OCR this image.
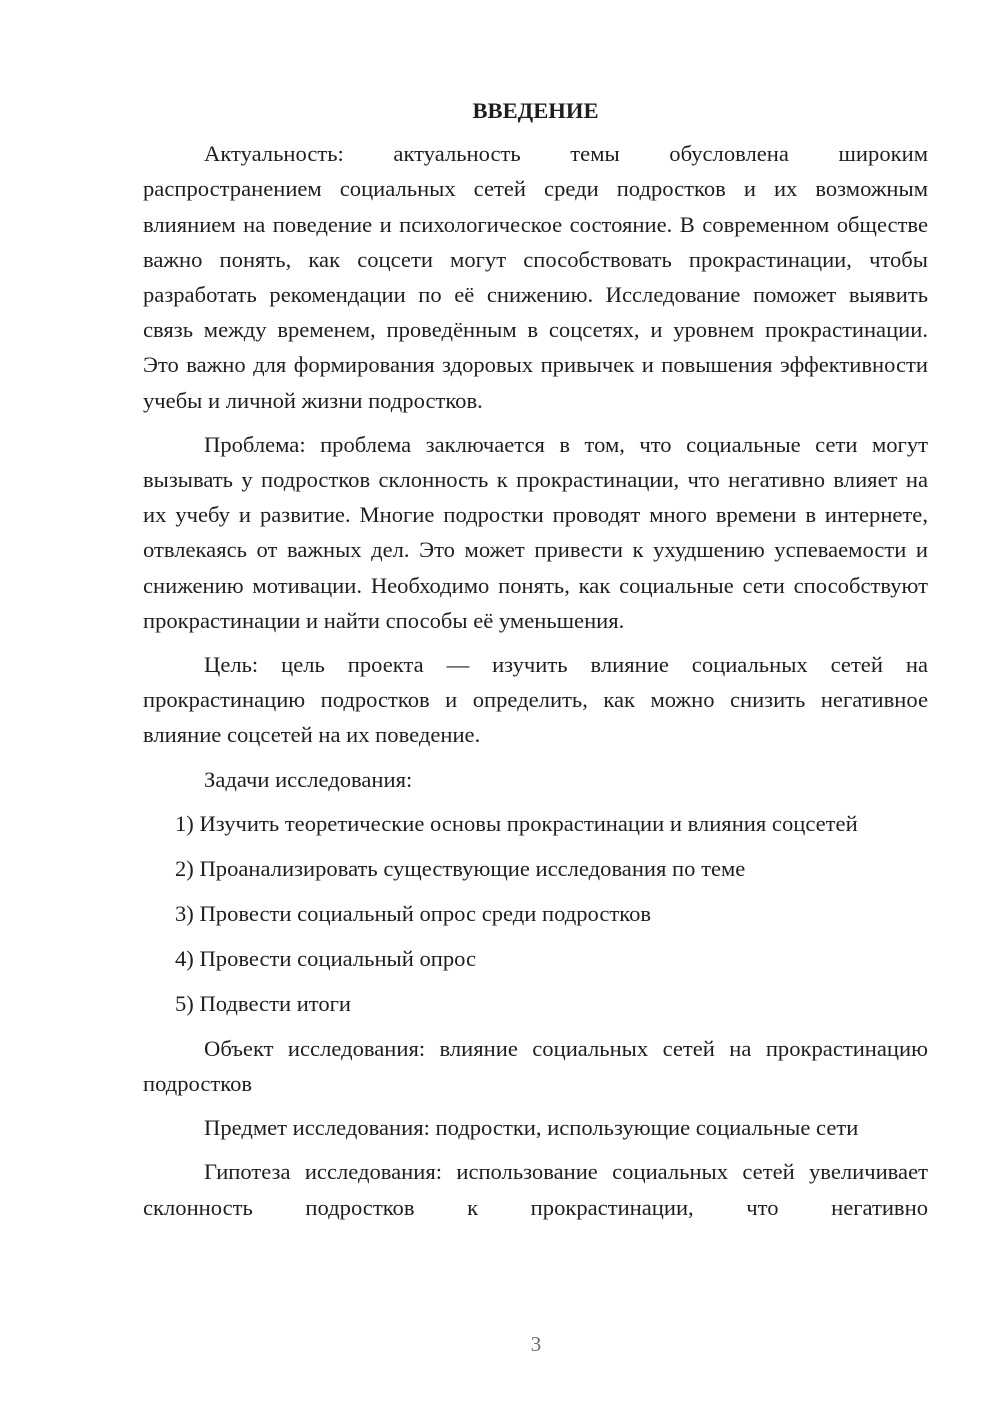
ВВЕДЕНИЕ

Актуальность: актуальность темы обусловлена широким распространением социальных сетей среди подростков и их возможным влиянием на поведение и психологическое состояние. В современном обществе важно понять, как соцсети могут способствовать прокрастинации, чтобы разработать рекомендации по её снижению. Исследование поможет выявить связь между временем, проведённым в соцсетях, и уровнем прокрастинации. Это важно для формирования здоровых привычек и повышения эффективности учебы и личной жизни подростков.

Проблема: проблема заключается в том, что социальные сети могут вызывать у подростков склонность к прокрастинации, что негативно влияет на их учебу и развитие. Многие подростки проводят много времени в интернете, отвлекаясь от важных дел. Это может привести к ухудшению успеваемости и снижению мотивации. Необходимо понять, как социальные сети способствуют прокрастинации и найти способы её уменьшения.

Цель: цель проекта — изучить влияние социальных сетей на прокрастинацию подростков и определить, как можно снизить негативное влияние соцсетей на их поведение.

Задачи исследования:
1) Изучить теоретические основы прокрастинации и влияния соцсетей
2) Проанализировать существующие исследования по теме
3) Провести социальный опрос среди подростков
4) Провести социальный опрос
5) Подвести итоги

Объект исследования: влияние социальных сетей на прокрастинацию подростков

Предмет исследования: подростки, использующие социальные сети

Гипотеза исследования: использование социальных сетей увеличивает склонность подростков к прокрастинации, что негативно

3
